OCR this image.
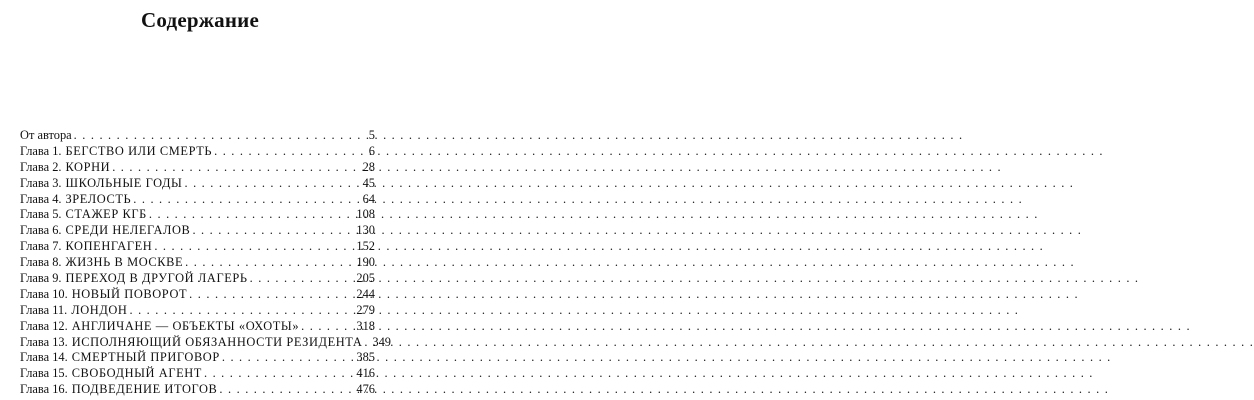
Содержание
От автора . . .	5
Глава 1. БЕГСТВО ИЛИ СМЕРТЬ . . .	6
Глава 2. КОРНИ . . .	28
Глава 3. ШКОЛЬНЫЕ ГОДЫ . . .	45
Глава 4. ЗРЕЛОСТЬ . . .	64
Глава 5. СТАЖЕР КГБ . . .	108
Глава 6. СРЕДИ НЕЛЕГАЛОВ . . .	130
Глава 7. КОПЕНГАГЕН . . .	152
Глава 8. ЖИЗНЬ В МОСКВЕ . . .	190
Глава 9. ПЕРЕХОД В ДРУГОЙ ЛАГЕРЬ . . .	205
Глава 10. НОВЫЙ ПОВОРОТ . . .	244
Глава 11. ЛОНДОН . . .	279
Глава 12. АНГЛИЧАНЕ — ОБЪЕКТЫ «ОХОТЫ» . . .	318
Глава 13. ИСПОЛНЯЮЩИЙ ОБЯЗАННОСТИ РЕЗИДЕНТА . . . 349
Глава 14. СМЕРТНЫЙ ПРИГОВОР . . .	385
Глава 15. СВОБОДНЫЙ АГЕНТ . . .	416
Глава 16. ПОДВЕДЕНИЕ ИТОГОВ . . .	476
